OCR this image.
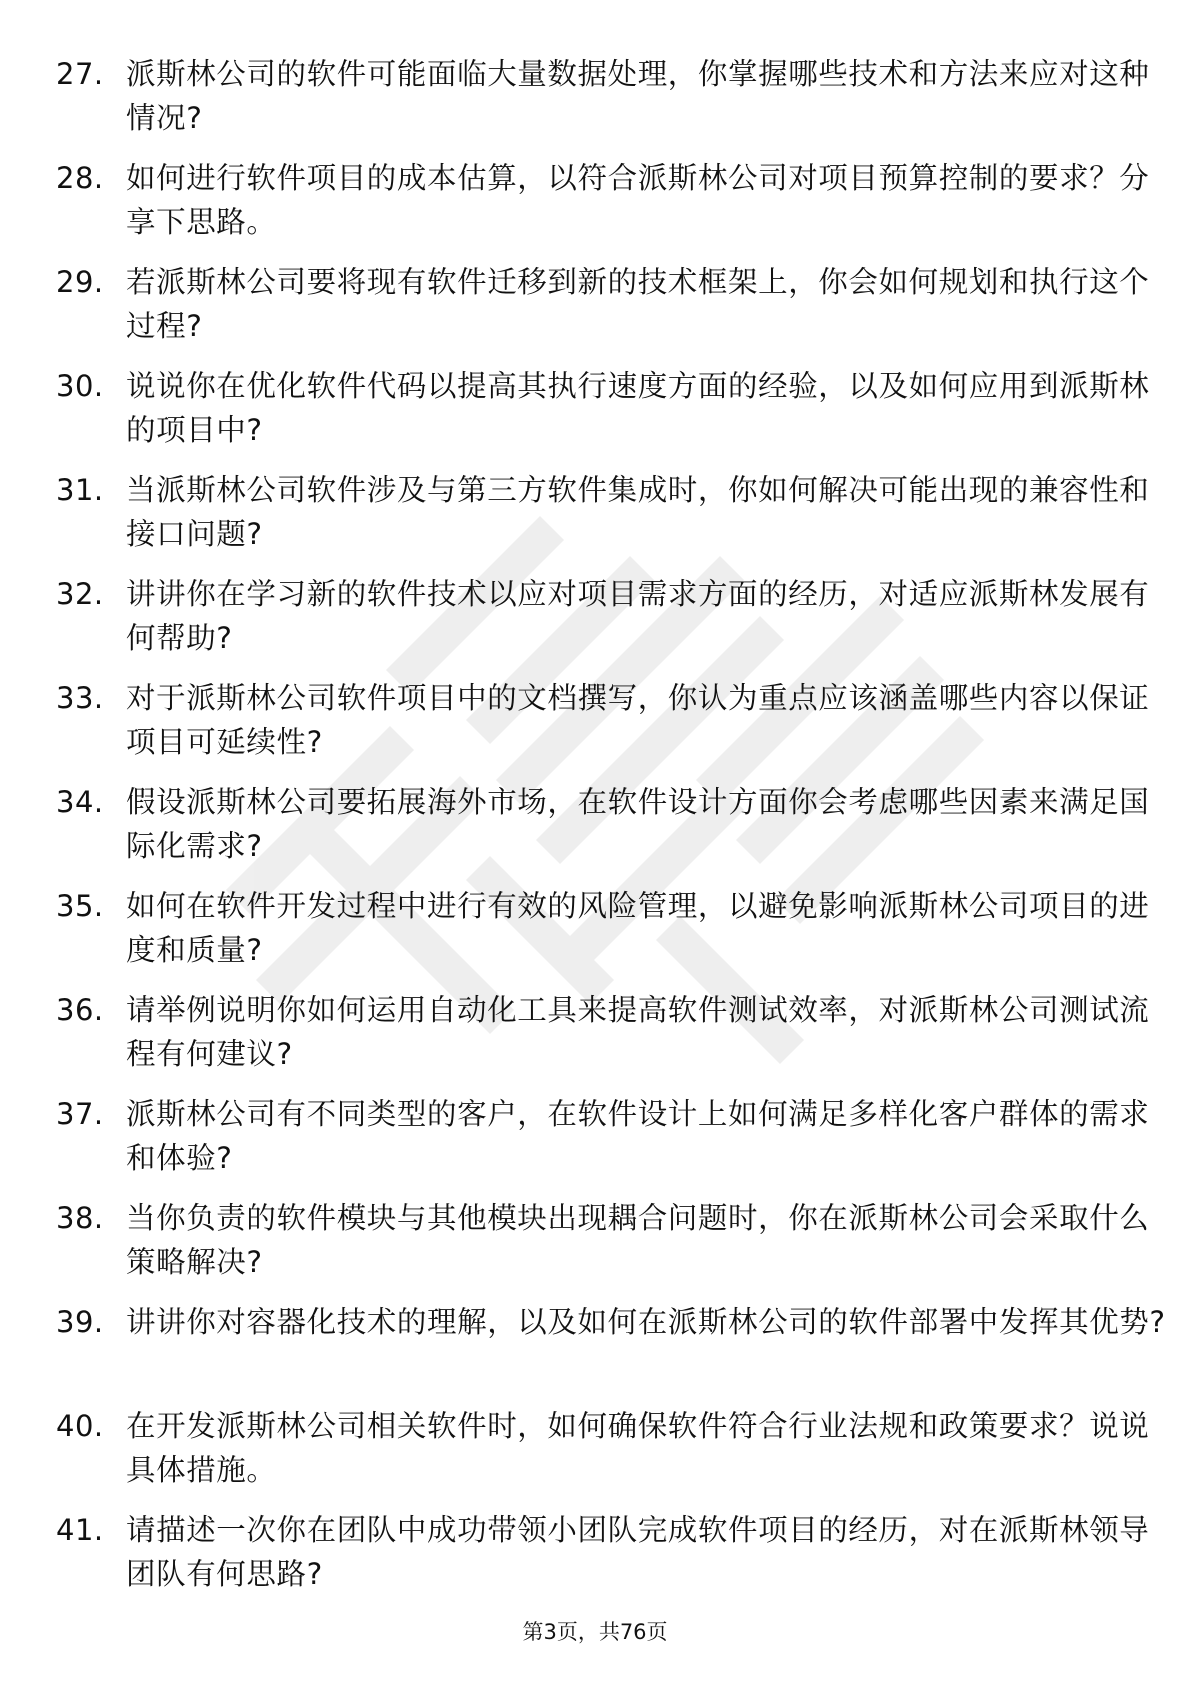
27. 派斯林公司的软件可能面临大量数据处理，你掌握哪些技术和方法来应对这种情况?
28. 如何进行软件项目的成本估算，以符合派斯林公司对项目预算控制的要求？分享下思路。
29. 若派斯林公司要将现有软件迁移到新的技术框架上，你会如何规划和执行这个过程?
30. 说说你在优化软件代码以提高其执行速度方面的经验，以及如何应用到派斯林的项目中?
31. 当派斯林公司软件涉及与第三方软件集成时，你如何解决可能出现的兼容性和接口问题?
32. 讲讲你在学习新的软件技术以应对项目需求方面的经历，对适应派斯林发展有何帮助?
33. 对于派斯林公司软件项目中的文档撰写，你认为重点应该涵盖哪些内容以保证项目可延续性?
34. 假设派斯林公司要拓展海外市场，在软件设计方面你会考虑哪些因素来满足国际化需求?
35. 如何在软件开发过程中进行有效的风险管理，以避免影响派斯林公司项目的进度和质量?
36. 请举例说明你如何运用自动化工具来提高软件测试效率，对派斯林公司测试流程有何建议?
37. 派斯林公司有不同类型的客户，在软件设计上如何满足多样化客户群体的需求和体验?
38. 当你负责的软件模块与其他模块出现耦合问题时，你在派斯林公司会采取什么策略解决?
39. 讲讲你对容器化技术的理解，以及如何在派斯林公司的软件部署中发挥其优势?
40. 在开发派斯林公司相关软件时，如何确保软件符合行业法规和政策要求？说说具体措施。
41. 请描述一次你在团队中成功带领小团队完成软件项目的经历，对在派斯林领导团队有何思路?
第3页，共76页
